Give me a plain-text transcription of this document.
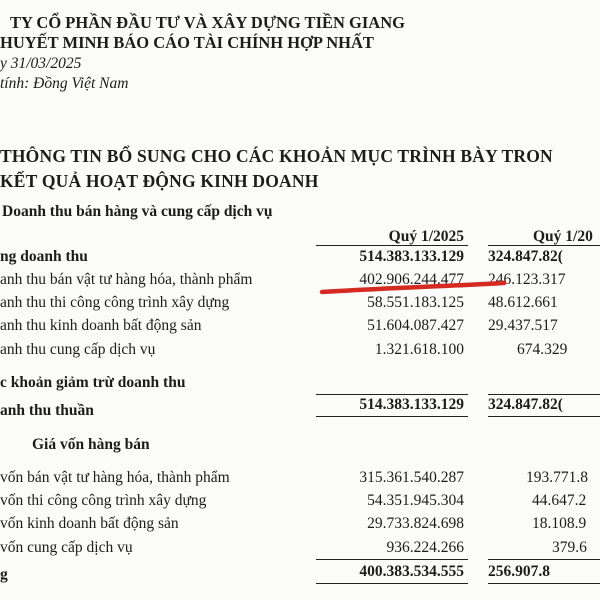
TY CỔ PHẦN ĐẦU TƯ VÀ XÂY DỰNG TIỀN GIANG
HUYẾT MINH BÁO CÁO TÀI CHÍNH HỢP NHẤT
y 31/03/2025
tính: Đồng Việt Nam
THÔNG TIN BỔ SUNG CHO CÁC KHOẢN MỤC TRÌNH BÀY TRON
KẾT QUẢ HOẠT ĐỘNG KINH DOANH
Doanh thu bán hàng và cung cấp dịch vụ
Quý 1/2025	Quý 1/20
ng doanh thu	514.383.133.129 324.847.82(
anh thu bán vật tư hàng hóa, thành phẩm	402.906.244.477 246.123.317
anh thu thi công công trình xây dựng	58.551.183.125 48.612.661
anh thu kinh doanh bất động sản	51.604.087.427 29.437.517
anh thu cung cấp dịch vụ	1.321.618.100	674.329
c khoản giảm trừ doanh thu
anh thu thuần	514.383.133.129 324.847.82(
Giá vốn hàng bán
vốn bán vật tư hàng hóa, thành phẩm	315.361.540.287	193.771.8
vốn thi công công trình xây dựng	54.351.945.304	44.647.2
vốn kinh doanh bất động sản	29.733.824.698	18.108.9
vốn cung cấp dịch vụ	936.224.266	379.6
g	400.383.534.555 256.907.8
